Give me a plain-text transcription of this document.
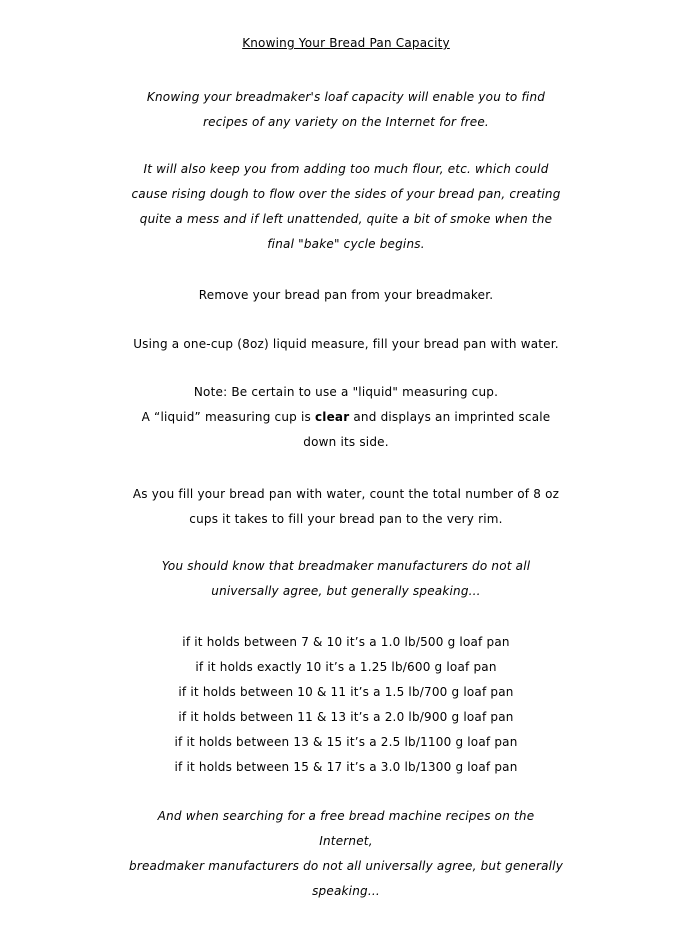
Knowing Your Bread Pan Capacity
Knowing your breadmaker's loaf capacity will enable you to find
recipes of any variety on the Internet for free.
It will also keep you from adding too much flour, etc. which could
cause rising dough to flow over the sides of your bread pan, creating
quite a mess and if left unattended, quite a bit of smoke when the
final "bake" cycle begins.
Remove your bread pan from your breadmaker.
Using a one-cup (8oz) liquid measure, fill your bread pan with water.
Note: Be certain to use a "liquid" measuring cup.
A “liquid” measuring cup is clear and displays an imprinted scale
down its side.
As you fill your bread pan with water, count the total number of 8 oz
cups it takes to fill your bread pan to the very rim.
You should know that breadmaker manufacturers do not all
universally agree, but generally speaking...
if it holds between 7 & 10 it’s a 1.0 lb/500 g loaf pan
if it holds exactly 10 it’s a 1.25 lb/600 g loaf pan
if it holds between 10 & 11 it’s a 1.5 lb/700 g loaf pan
if it holds between 11 & 13 it’s a 2.0 lb/900 g loaf pan
if it holds between 13 & 15 it’s a 2.5 lb/1100 g loaf pan
if it holds between 15 & 17 it’s a 3.0 lb/1300 g loaf pan
And when searching for a free bread machine recipes on the
Internet,
breadmaker manufacturers do not all universally agree, but generally
speaking...
